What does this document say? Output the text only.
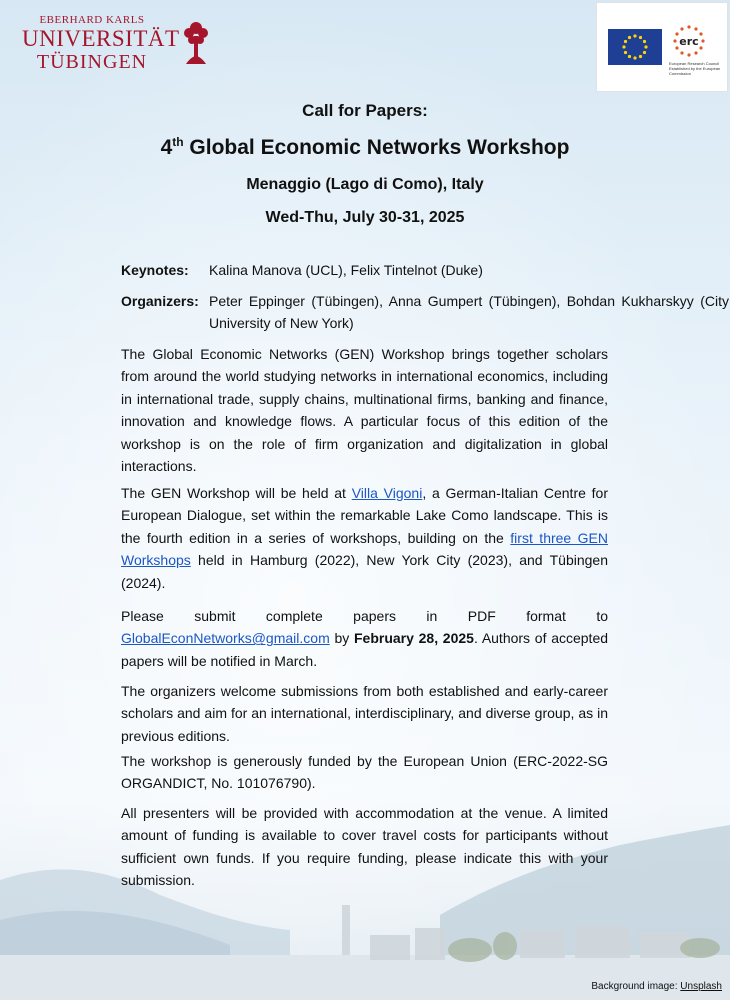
EBERHARD KARLS
UNIVERSITÄT
TÜBINGEN
erc
European Research Council Established by the European Commission
Call for Papers:
4th Global Economic Networks Workshop
Menaggio (Lago di Como), Italy
Wed-Thu, July 30-31, 2025
Keynotes: Kalina Manova (UCL), Felix Tintelnot (Duke)
Organizers: Peter Eppinger (Tübingen), Anna Gumpert (Tübingen), Bohdan Kukharskyy (City University of New York)
The Global Economic Networks (GEN) Workshop brings together scholars from around the world studying networks in international economics, including in international trade, supply chains, multinational firms, banking and finance, innovation and knowledge flows. A particular focus of this edition of the workshop is on the role of firm organization and digitalization in global interactions.
The GEN Workshop will be held at Villa Vigoni, a German-Italian Centre for European Dialogue, set within the remarkable Lake Como landscape. This is the fourth edition in a series of workshops, building on the first three GEN Workshops held in Hamburg (2022), New York City (2023), and Tübingen (2024).
Please submit complete papers in PDF format to GlobalEconNetworks@gmail.com by February 28, 2025. Authors of accepted papers will be notified in March.
The organizers welcome submissions from both established and early-career scholars and aim for an international, interdisciplinary, and diverse group, as in previous editions.
The workshop is generously funded by the European Union (ERC-2022-SG ORGANDICT, No. 101076790).
All presenters will be provided with accommodation at the venue. A limited amount of funding is available to cover travel costs for participants without sufficient own funds. If you require funding, please indicate this with your submission.
Background image: Unsplash
